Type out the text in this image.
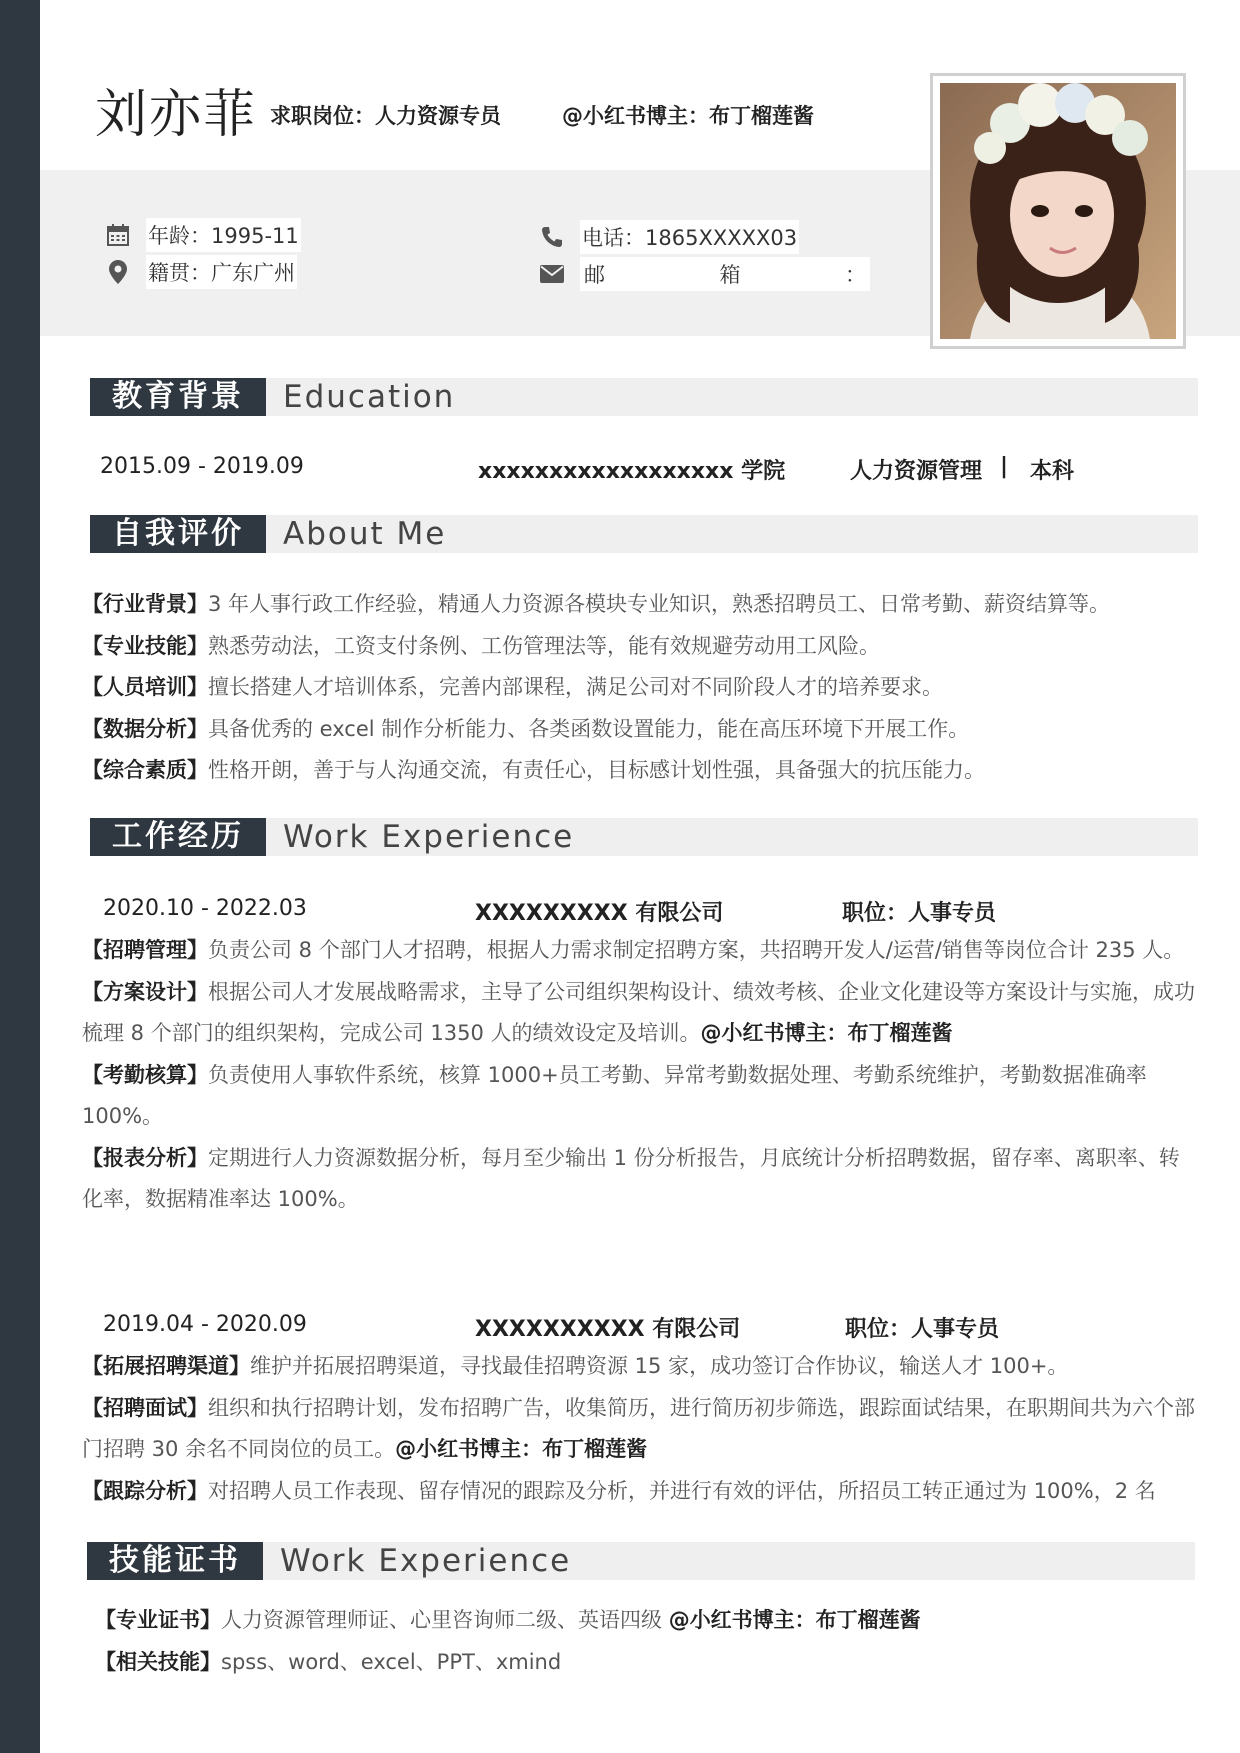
刘亦菲 求职岗位：人力资源专员	@小红书博主：布丁榴莲酱
年龄：1995-11
籍贯：广东广州
电话：1865XXXXX03
邮	箱	：
教育背景	Education
2015.09 - 2019.09	xxxxxxxxxxxxxxxxxx 学院	人力资源管理 | 本科
自我评价	About Me

【行业背景】3 年人事行政工作经验，精通人力资源各模块专业知识，熟悉招聘员工、日常考勤、薪资结算等。

【专业技能】熟悉劳动法，工资支付条例、工伤管理法等，能有效规避劳动用工风险。

【人员培训】擅长搭建人才培训体系，完善内部课程，满足公司对不同阶段人才的培养要求。

【数据分析】具备优秀的 excel 制作分析能力、各类函数设置能力，能在高压环境下开展工作。

【综合素质】性格开朗，善于与人沟通交流，有责任心，目标感计划性强，具备强大的抗压能力。

工作经历	Work Experience
2020.10 - 2022.03	XXXXXXXXX 有限公司	职位：人事专员

【招聘管理】负责公司 8 个部门人才招聘，根据人力需求制定招聘方案，共招聘开发人/运营/销售等岗位合计 235 人。

【方案设计】根据公司人才发展战略需求，主导了公司组织架构设计、绩效考核、企业文化建设等方案设计与实施，成功梳理 8 个部门的组织架构，完成公司 1350 人的绩效设定及培训。@小红书博主：布丁榴莲酱

【考勤核算】负责使用人事软件系统，核算 1000+员工考勤、异常考勤数据处理、考勤系统维护，考勤数据准确率 100%。

【报表分析】定期进行人力资源数据分析，每月至少输出 1 份分析报告，月底统计分析招聘数据，留存率、离职率、转化率，数据精准率达 100%。

2019.04 - 2020.09	XXXXXXXXXX 有限公司	职位：人事专员

【拓展招聘渠道】维护并拓展招聘渠道，寻找最佳招聘资源 15 家，成功签订合作协议，输送人才 100+。

【招聘面试】组织和执行招聘计划，发布招聘广告，收集简历，进行简历初步筛选，跟踪面试结果，在职期间共为六个部门招聘 30 余名不同岗位的员工。@小红书博主：布丁榴莲酱

【跟踪分析】对招聘人员工作表现、留存情况的跟踪及分析，并进行有效的评估，所招员工转正通过为 100%，2 名

技能证书	Work Experience

【专业证书】人力资源管理师证、心里咨询师二级、英语四级 @小红书博主：布丁榴莲酱

【相关技能】spss、word、excel、PPT、xmind
